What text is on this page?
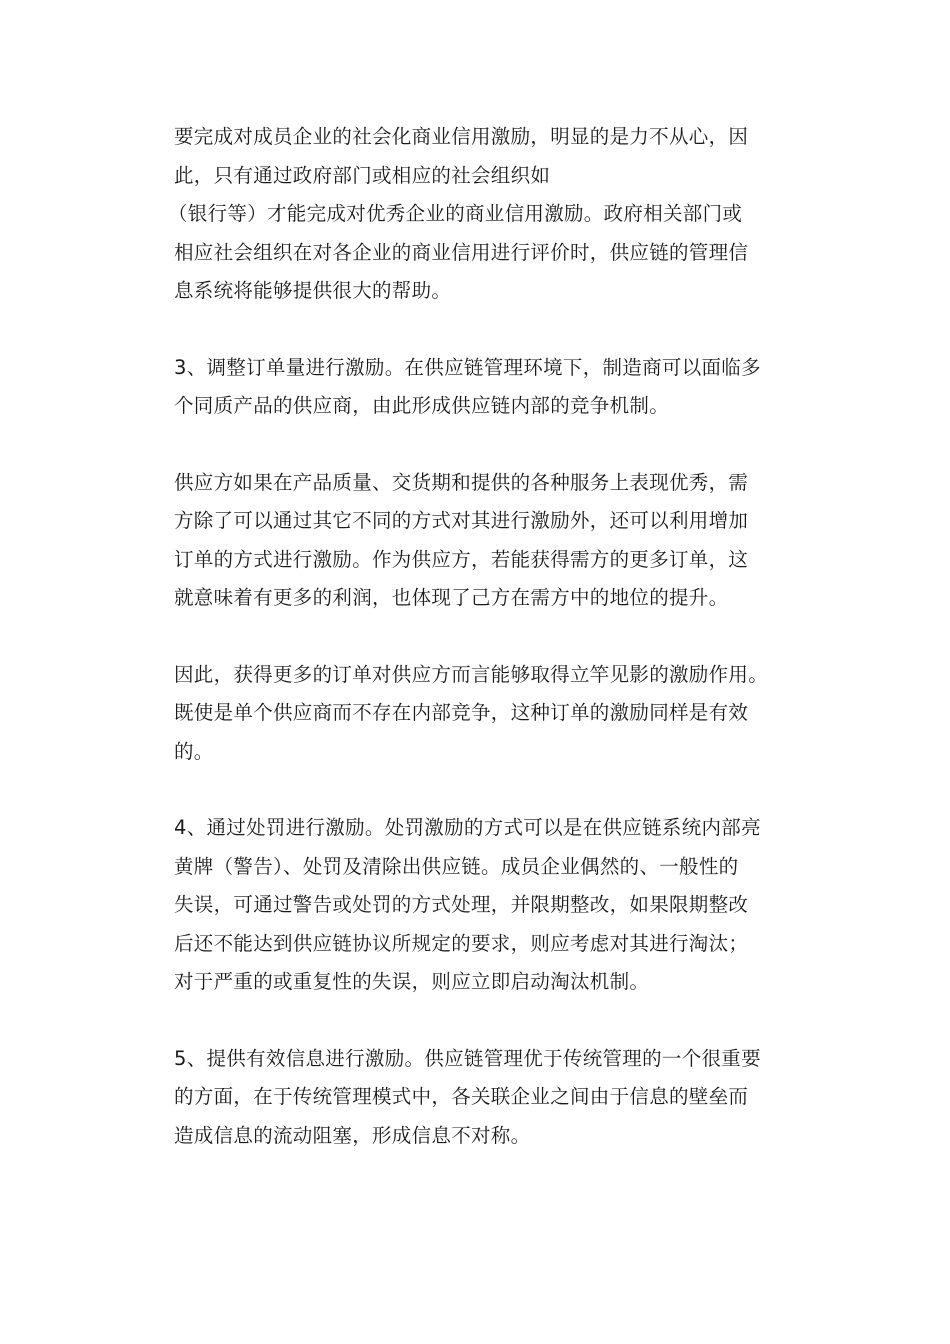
要完成对成员企业的社会化商业信用激励，明显的是力不从心，因
此，只有通过政府部门或相应的社会组织如
（银行等）才能完成对优秀企业的商业信用激励。政府相关部门或
相应社会组织在对各企业的商业信用进行评价时，供应链的管理信
息系统将能够提供很大的帮助。

3、调整订单量进行激励。在供应链管理环境下，制造商可以面临多
个同质产品的供应商，由此形成供应链内部的竞争机制。

供应方如果在产品质量、交货期和提供的各种服务上表现优秀，需
方除了可以通过其它不同的方式对其进行激励外，还可以利用增加
订单的方式进行激励。作为供应方，若能获得需方的更多订单，这
就意味着有更多的利润，也体现了己方在需方中的地位的提升。

因此，获得更多的订单对供应方而言能够取得立竿见影的激励作用。
既使是单个供应商而不存在内部竞争，这种订单的激励同样是有效
的。

4、通过处罚进行激励。处罚激励的方式可以是在供应链系统内部亮
黄牌（警告）、处罚及清除出供应链。成员企业偶然的、一般性的
失误，可通过警告或处罚的方式处理，并限期整改，如果限期整改
后还不能达到供应链协议所规定的要求，则应考虑对其进行淘汰；
对于严重的或重复性的失误，则应立即启动淘汰机制。

5、提供有效信息进行激励。供应链管理优于传统管理的一个很重要
的方面，在于传统管理模式中，各关联企业之间由于信息的壁垒而
造成信息的流动阻塞，形成信息不对称。
